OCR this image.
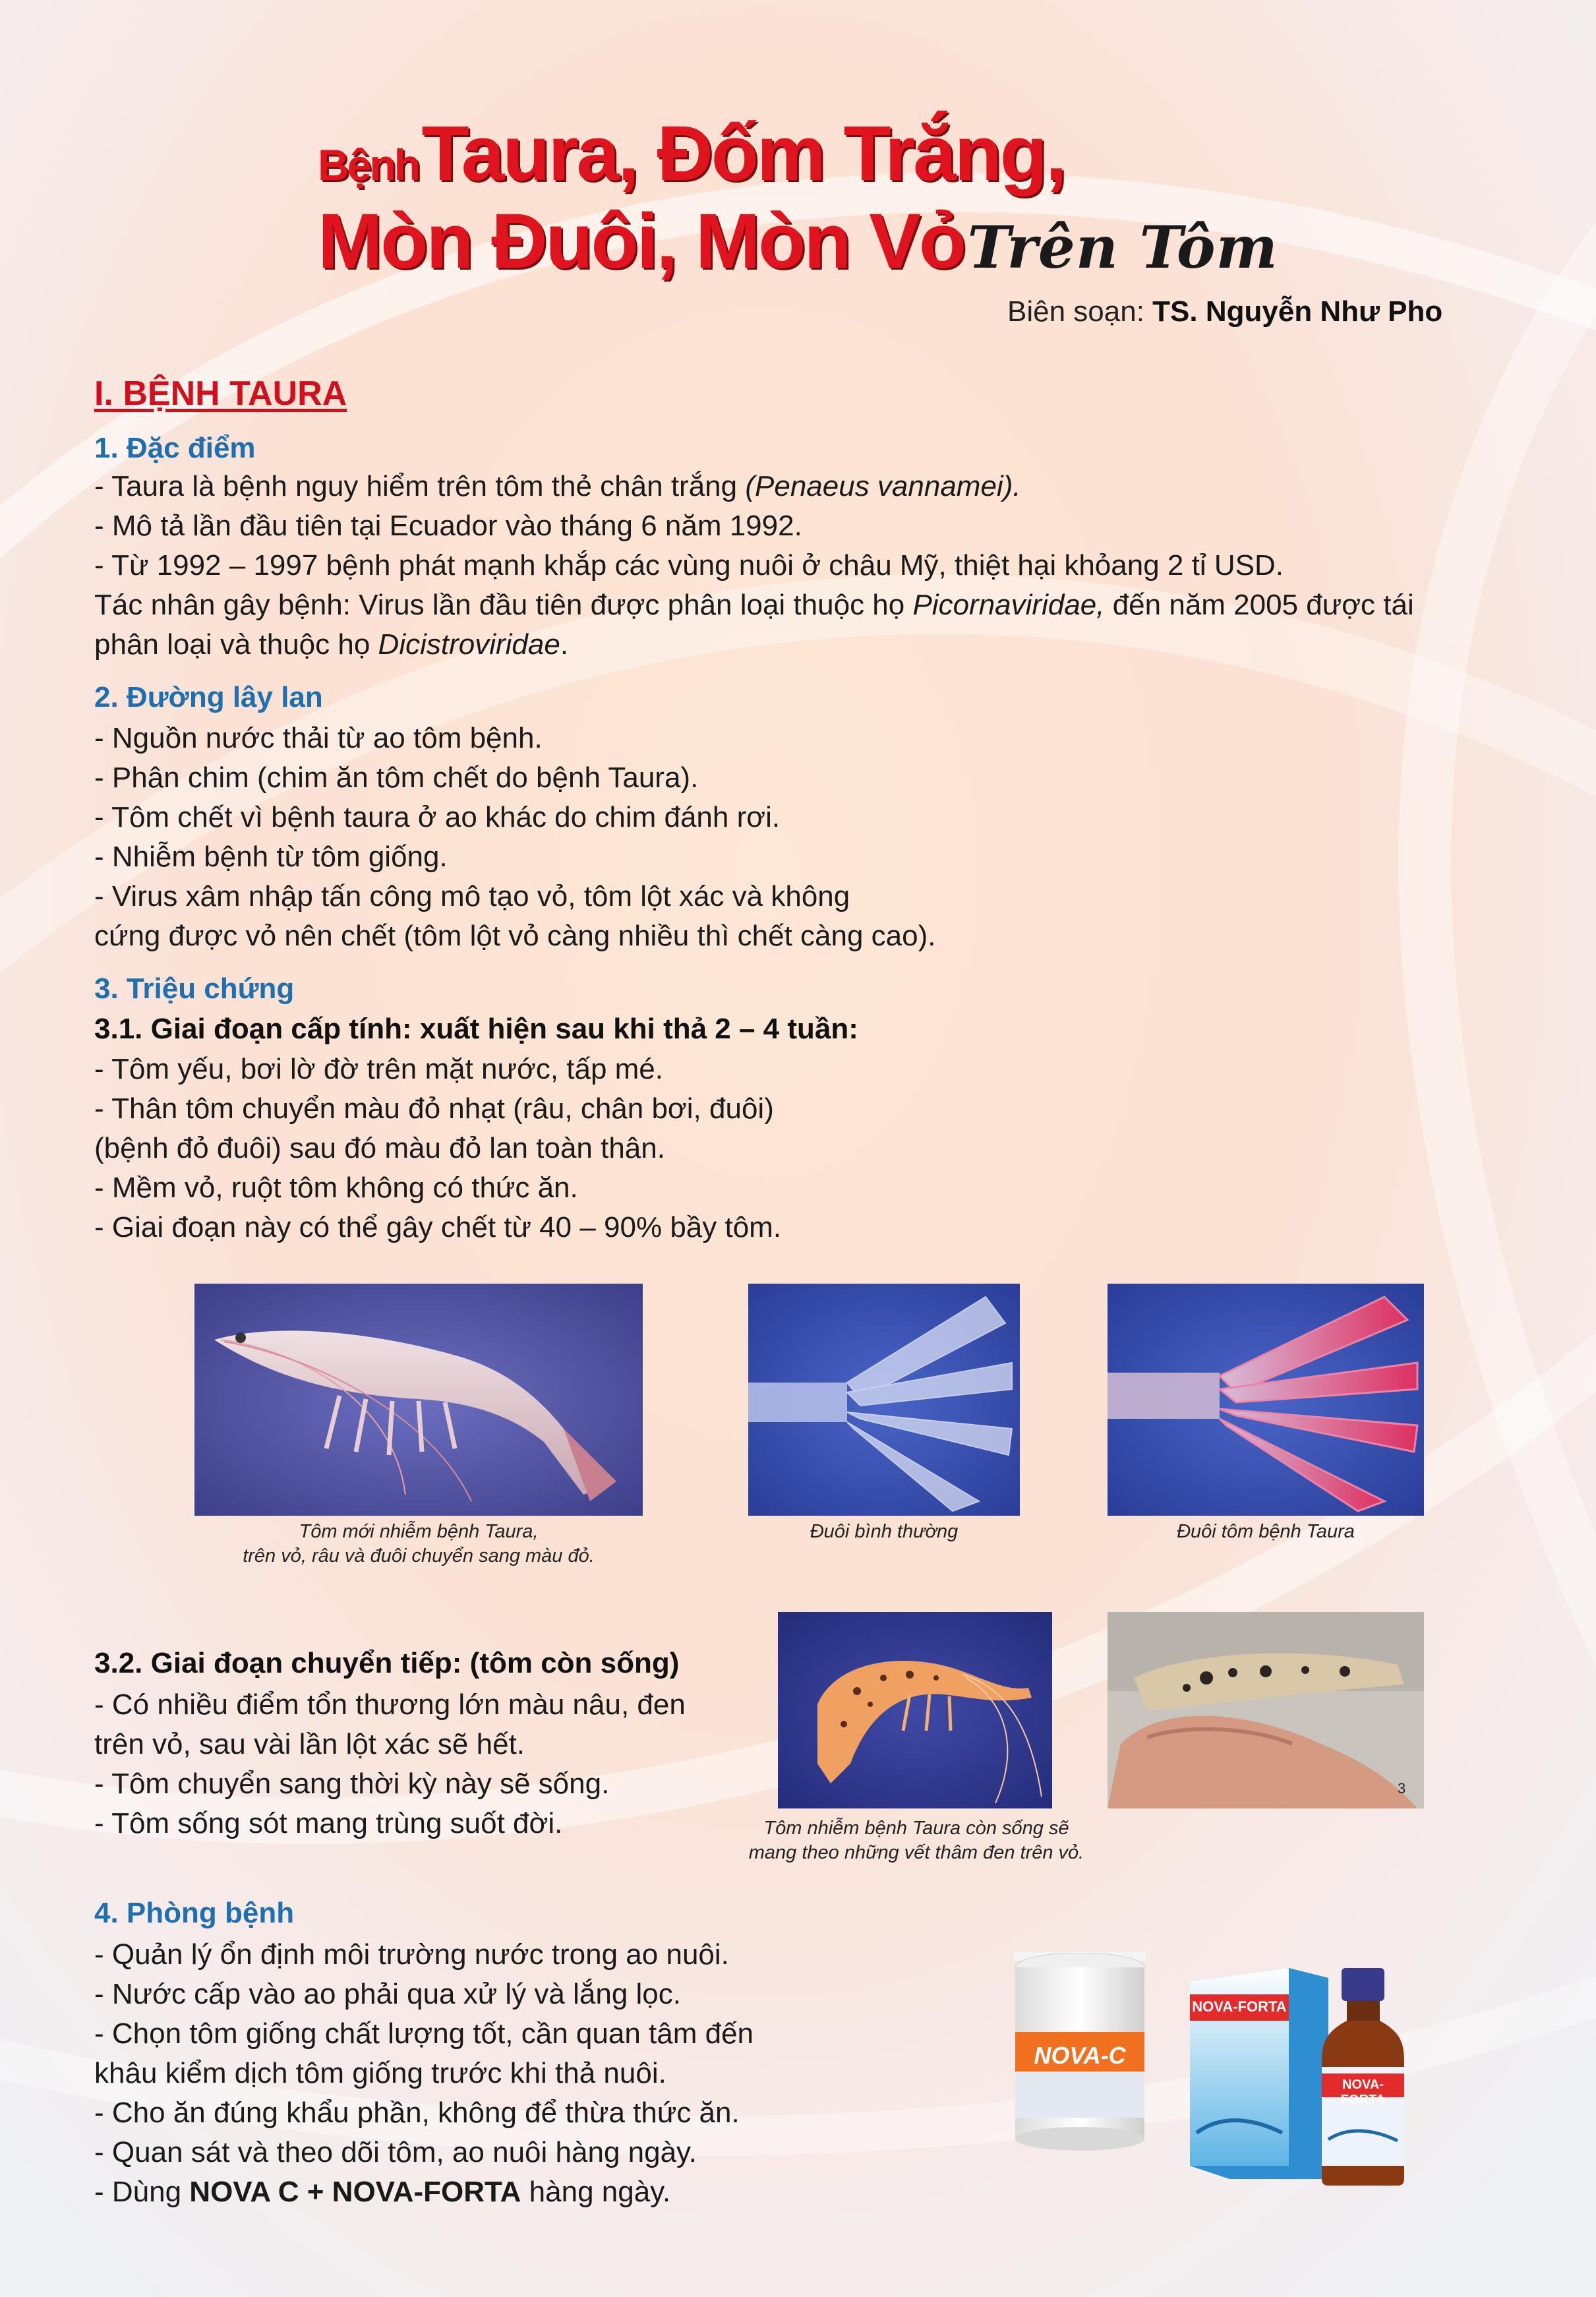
Bệnh Taura, Đốm Trắng,
Mòn Đuôi, Mòn Vỏ Trên Tôm
Biên soạn: TS. Nguyễn Như Pho
I. BỆNH TAURA
1. Đặc điểm
- Taura là bệnh nguy hiểm trên tôm thẻ chân trắng (Penaeus vannamei).
- Mô tả lần đầu tiên tại Ecuador vào tháng 6 năm 1992.
- Từ 1992 – 1997 bệnh phát mạnh khắp các vùng nuôi ở châu Mỹ, thiệt hại khỏang 2 tỉ USD.
Tác nhân gây bệnh: Virus lần đầu tiên được phân loại thuộc họ Picornaviridae, đến năm 2005 được tái
phân loại và thuộc họ Dicistroviridae.
2. Đường lây lan
- Nguồn nước thải từ ao tôm bệnh.
- Phân chim (chim ăn tôm chết do bệnh Taura).
- Tôm chết vì bệnh taura ở ao khác do chim đánh rơi.
- Nhiễm bệnh từ tôm giống.
- Virus xâm nhập tấn công mô tạo vỏ, tôm lột xác và không
cứng được vỏ nên chết (tôm lột vỏ càng nhiều thì chết càng cao).
3. Triệu chứng
3.1. Giai đoạn cấp tính: xuất hiện sau khi thả 2 – 4 tuần:
- Tôm yếu, bơi lờ đờ trên mặt nước, tấp mé.
- Thân tôm chuyển màu đỏ nhạt (râu, chân bơi, đuôi)
(bệnh đỏ đuôi) sau đó màu đỏ lan toàn thân.
- Mềm vỏ, ruột tôm không có thức ăn.
- Giai đoạn này có thể gây chết từ 40 – 90% bầy tôm.
Tôm mới nhiễm bệnh Taura,
trên vỏ, râu và đuôi chuyển sang màu đỏ.
Đuôi bình thường	Đuôi tôm bệnh Taura
3.2. Giai đoạn chuyển tiếp: (tôm còn sống)
- Có nhiều điểm tổn thương lớn màu nâu, đen
trên vỏ, sau vài lần lột xác sẽ hết.
- Tôm chuyển sang thời kỳ này sẽ sống.
- Tôm sống sót mang trùng suốt đời.
3
Tôm nhiễm bệnh Taura còn sống sẽ
mang theo những vết thâm đen trên vỏ.
4. Phòng bệnh
- Quản lý ổn định môi trường nước trong ao nuôi.
- Nước cấp vào ao phải qua xử lý và lắng lọc.
- Chọn tôm giống chất lượng tốt, cần quan tâm đến
khâu kiểm dịch tôm giống trước khi thả nuôi.
- Cho ăn đúng khẩu phần, không để thừa thức ăn.
- Quan sát và theo dõi tôm, ao nuôi hàng ngày.
- Dùng NOVA C + NOVA-FORTA hàng ngày.
NOVA-C
NOVA-FORTA
NOVA-FORTA
